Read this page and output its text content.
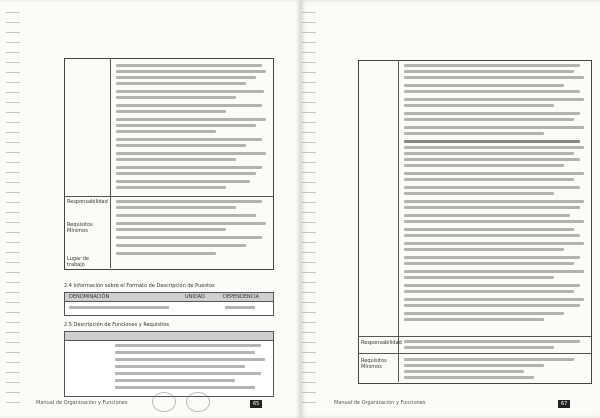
Responsabilidad
Requisitos Mínimos
Lugar de trabajo
2.4 Información sobre el Formato de Descripción de Puestos
DENOMINACIÓN	UNIDAD	DEPENDENCIA
2.5 Descripción de Funciones y Requisitos
Manual de Organización y Funciones	65
Responsabilidad
Requisitos Mínimos
Manual de Organización y Funciones	67
